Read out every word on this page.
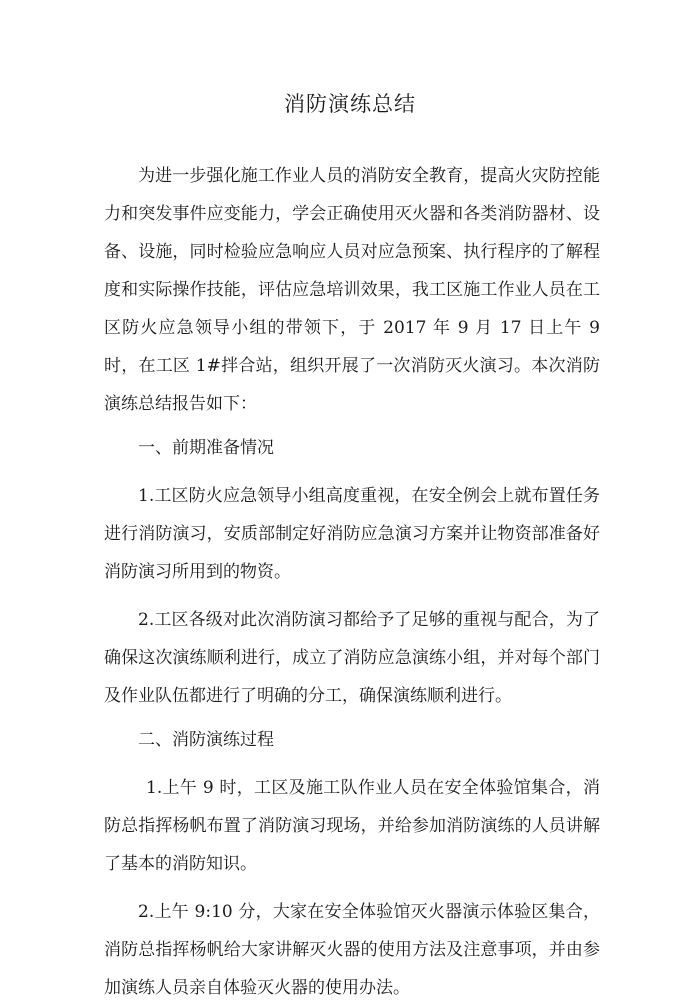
消防演练总结

为进一步强化施工作业人员的消防安全教育，提高火灾防控能力和突发事件应变能力，学会正确使用灭火器和各类消防器材、设备、设施，同时检验应急响应人员对应急预案、执行程序的了解程度和实际操作技能，评估应急培训效果，我工区施工作业人员在工区防火应急领导小组的带领下，于 2017 年 9 月 17 日上午 9 时，在工区 1#拌合站，组织开展了一次消防灭火演习。本次消防演练总结报告如下：

一、前期准备情况

1.工区防火应急领导小组高度重视，在安全例会上就布置任务进行消防演习，安质部制定好消防应急演习方案并让物资部准备好消防演习所用到的物资。

2.工区各级对此次消防演习都给予了足够的重视与配合，为了确保这次演练顺利进行，成立了消防应急演练小组，并对每个部门及作业队伍都进行了明确的分工，确保演练顺利进行。

二、消防演练过程

1.上午 9 时，工区及施工队作业人员在安全体验馆集合，消防总指挥杨帆布置了消防演习现场，并给参加消防演练的人员讲解了基本的消防知识。

2.上午 9:10 分，大家在安全体验馆灭火器演示体验区集合，消防总指挥杨帆给大家讲解灭火器的使用方法及注意事项，并由参加演练人员亲自体验灭火器的使用办法。
